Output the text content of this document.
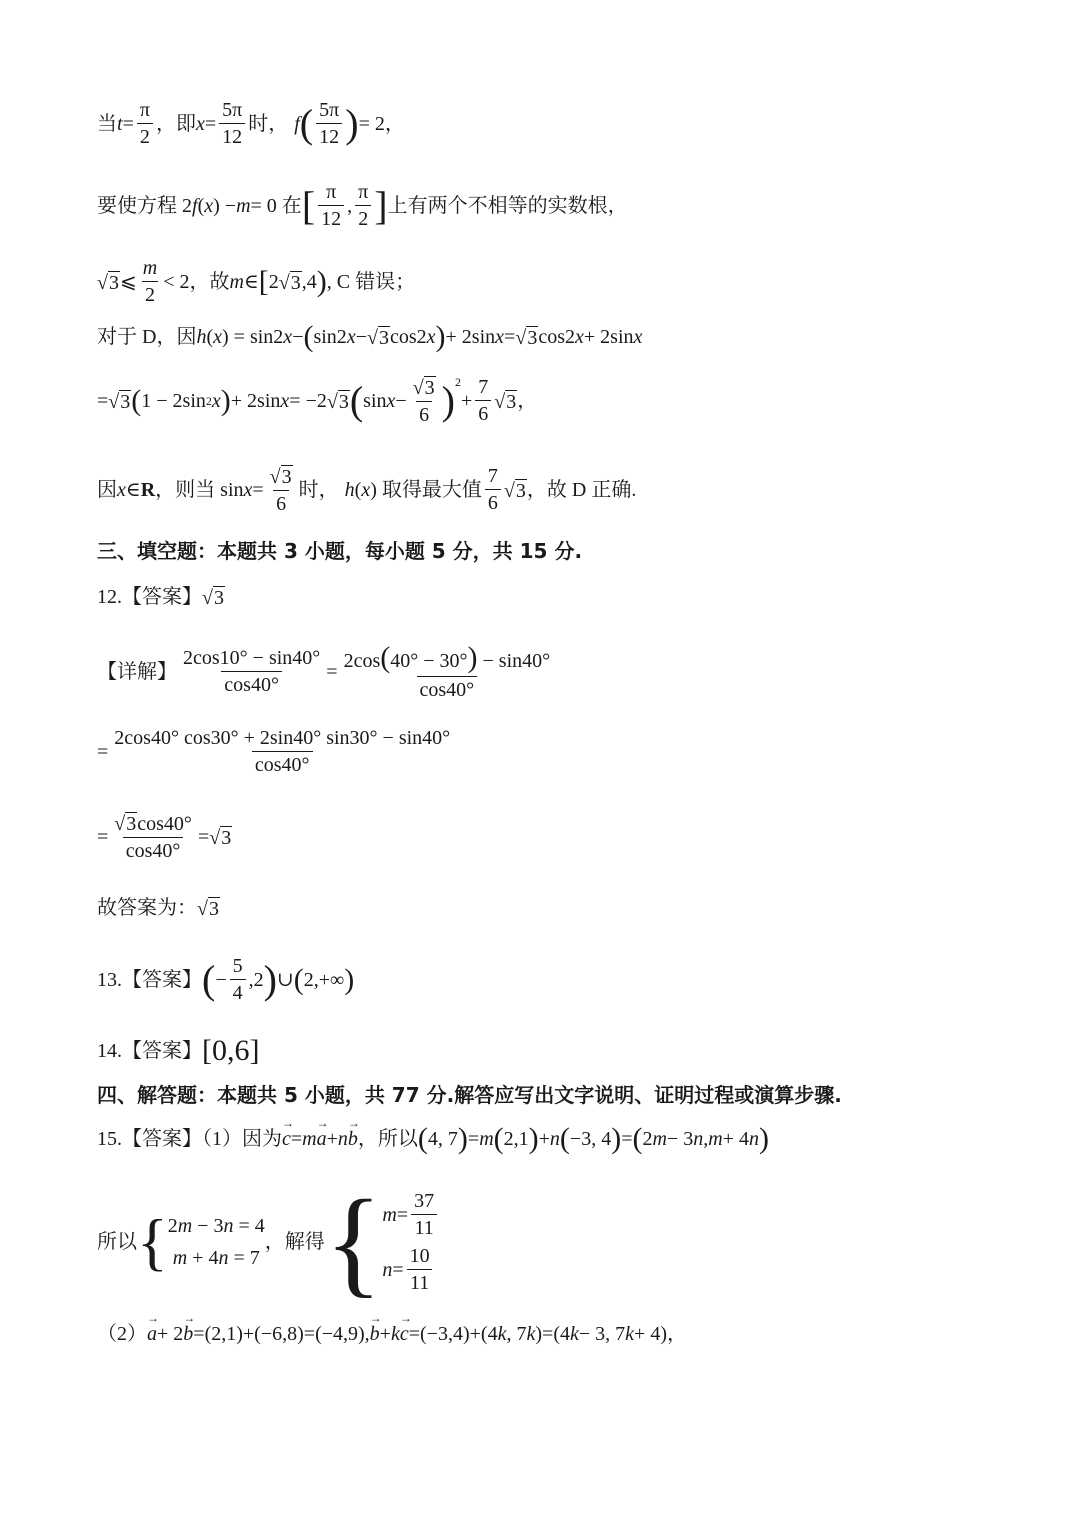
当 $t = \frac{\pi}{2}$ ，即 $x = \frac{5\pi}{12}$ 时， f ( $\frac{5\pi}{12}$ ) = 2，
要使方程 2 f ( x ) − m = 0 在 [ $\frac{\pi}{12}$ , $\frac{\pi}{2}$ ] 上有两个不相等的实数根，
√ 3 ⩽ $\frac{m}{2} < 2$，故 m ∈ [ 2 √ 3 ,4 ) , C 错误；
对于 D，因 h ( x ) = sin2 x − ( sin2 x − √ 3 cos2 x ) + 2sin x = √ 3 cos2 x + 2sin x
= √ 3 ( 1 − 2sin 2 x ) + 2sin x = −2 √ 3 ( $\sin x - \frac{√ 3}{6}$ ) 2
+ $\frac{7}{6}$ √ 3 ，
因 x ∈ R ，则当 $\sin x = \frac{√ 3}{6}$ 时， h ( x ) 取得最大值 $\frac{7}{6}$ √ 3 ，故 D 正确.
三、填空题：本题共 3 小题，每小题 5 分，共 15 分.
12.【答案】 √ 3
【详解】 $\frac{2\cos 10^\circ - \sin 40^\circ}{\cos 40^\circ} = \frac{2\cos(40^\circ - 30^\circ) - \sin 40^\circ}{\cos 40^\circ}$
= $\frac{2\cos 40^\circ \cos 30^\circ + 2\sin 40^\circ \sin 30^\circ - \sin 40^\circ}{\cos 40^\circ}$
= $\frac{√ 3 \cos 40^\circ}{\cos 40^\circ}$ = √ 3
故答案为： √ 3
13.【答案】 ( − $\frac{5}{4} ,2$ ) ∪ ( 2,+∞ )
14.【答案】 [0,6]
四、解答题：本题共 5 小题，共 77 分.解答应写出文字说明、证明过程或演算步骤.
15.【答案】（1）因为 → c = m → a + n → b ，所以 ( 4, 7 ) = m ( 2,1 ) + n ( −3, 4 ) = ( 2 m − 3 n , m + 4 n )
所以 { 2m − 3n = 4
m + 4n = 7
，解得 { $m = \frac{37}{11}$
$n = \frac{10}{11}$
（2） → a + 2 → b = (2,1) + (−6,8) = (−4,9) , → b + k → c = (−3,4) + (4 k , 7 k ) = (4 k − 3, 7 k + 4) ，
